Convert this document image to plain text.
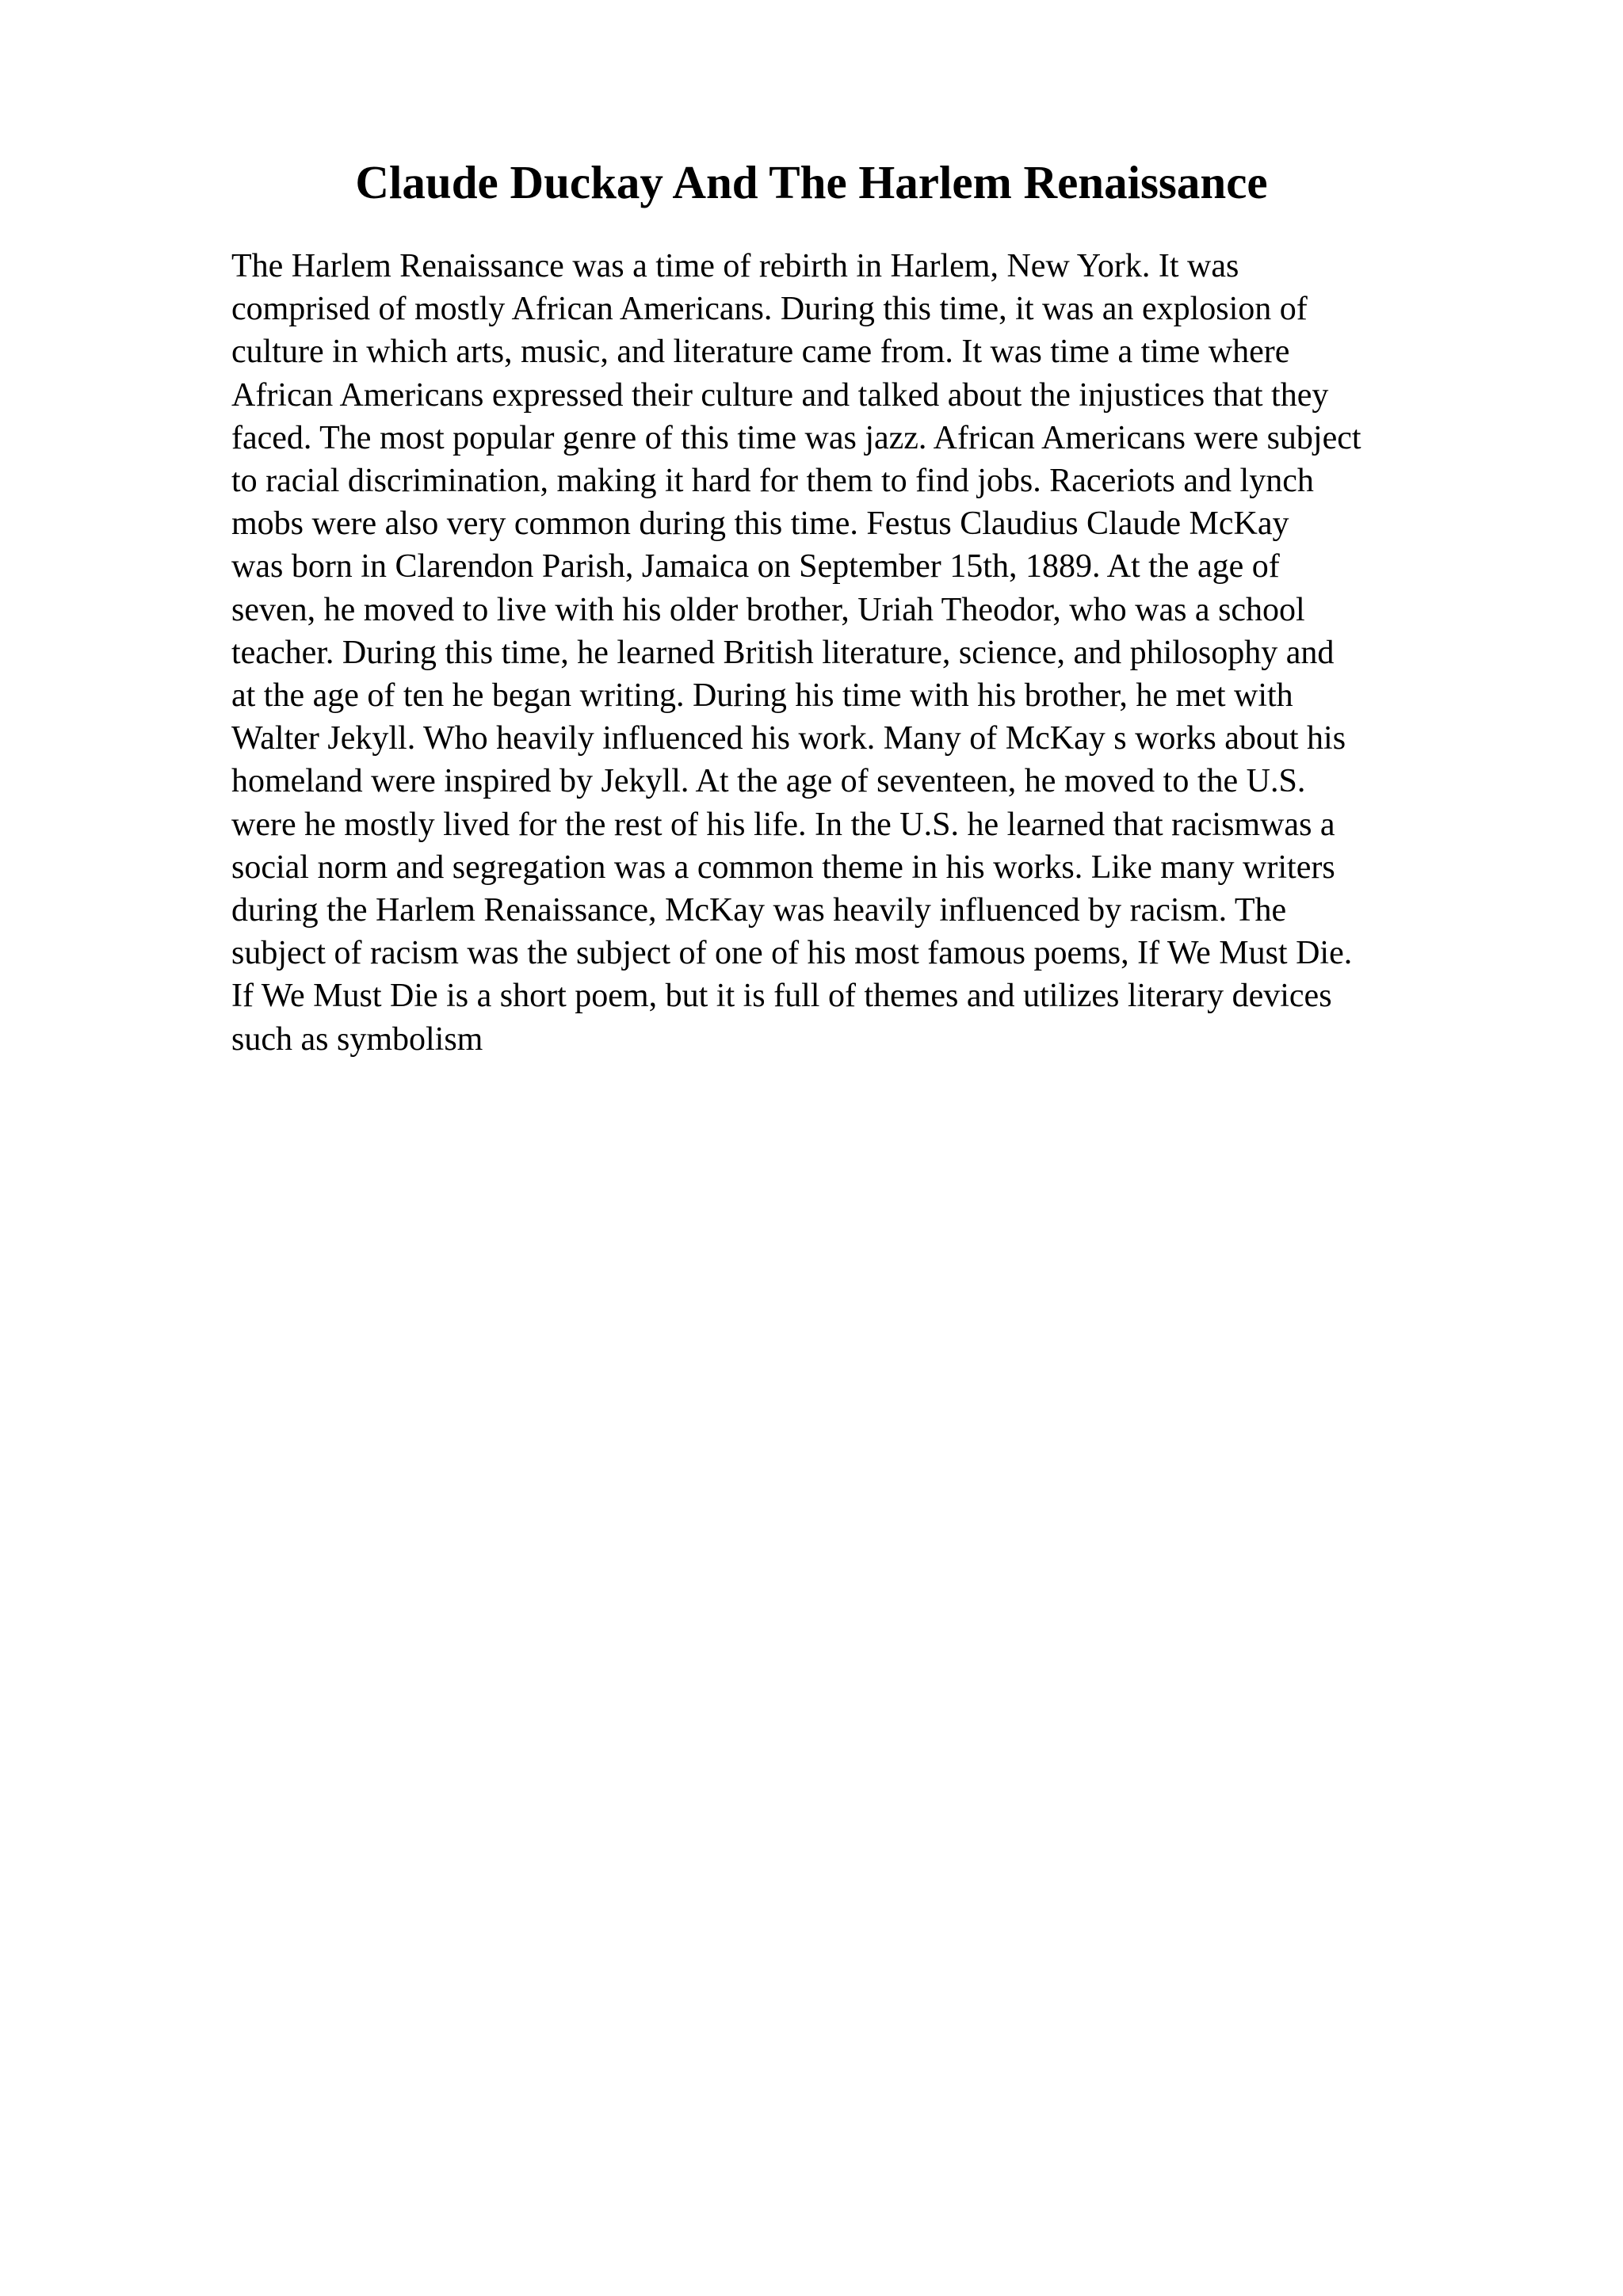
Claude Duckay And The Harlem Renaissance
The Harlem Renaissance was a time of rebirth in Harlem, New York. It was
comprised of mostly African Americans. During this time, it was an explosion of
culture in which arts, music, and literature came from. It was time a time where
African Americans expressed their culture and talked about the injustices that they
faced. The most popular genre of this time was jazz. African Americans were subject
to racial discrimination, making it hard for them to find jobs. Raceriots and lynch
mobs were also very common during this time. Festus Claudius Claude McKay
was born in Clarendon Parish, Jamaica on September 15th, 1889. At the age of
seven, he moved to live with his older brother, Uriah Theodor, who was a school
teacher. During this time, he learned British literature, science, and philosophy and
at the age of ten he began writing. During his time with his brother, he met with
Walter Jekyll. Who heavily influenced his work. Many of McKay s works about his
homeland were inspired by Jekyll. At the age of seventeen, he moved to the U.S.
were he mostly lived for the rest of his life. In the U.S. he learned that racismwas a
social norm and segregation was a common theme in his works. Like many writers
during the Harlem Renaissance, McKay was heavily influenced by racism. The
subject of racism was the subject of one of his most famous poems, If We Must Die.
If We Must Die is a short poem, but it is full of themes and utilizes literary devices
such as symbolism
